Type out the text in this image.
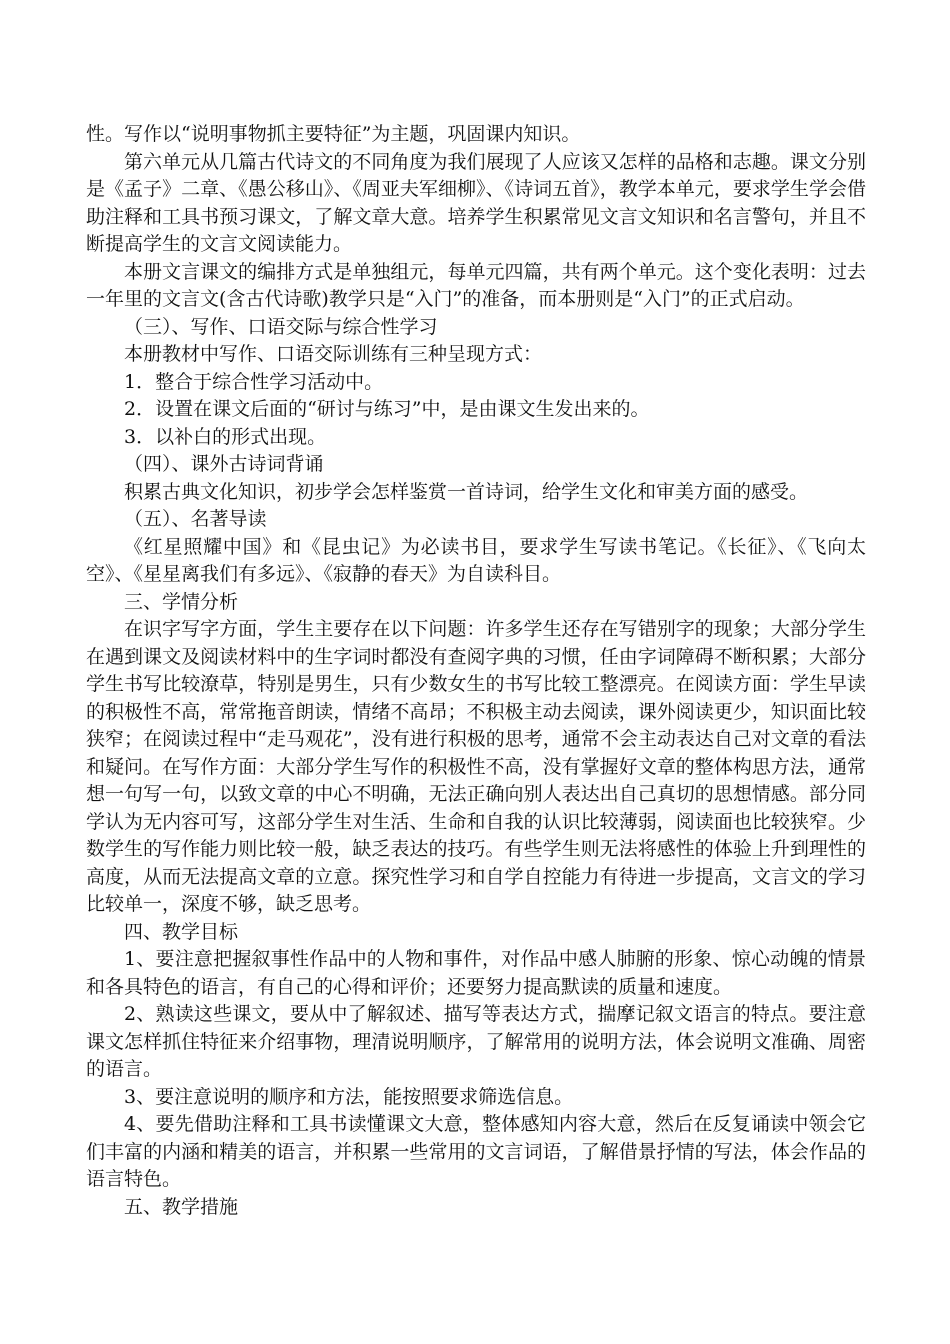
性。写作以“说明事物抓主要特征”为主题，巩固课内知识。

第六单元从几篇古代诗文的不同角度为我们展现了人应该又怎样的品格和志趣。课文分别是《孟子》二章、《愚公移山》、《周亚夫军细柳》、《诗词五首》，教学本单元，要求学生学会借助注释和工具书预习课文，了解文章大意。培养学生积累常见文言文知识和名言警句，并且不断提高学生的文言文阅读能力。

本册文言课文的编排方式是单独组元，每单元四篇，共有两个单元。这个变化表明：过去一年里的文言文(含古代诗歌)教学只是“入门”的准备，而本册则是“入门”的正式启动。

（三）、写作、口语交际与综合性学习

本册教材中写作、口语交际训练有三种呈现方式：

1．整合于综合性学习活动中。

2．设置在课文后面的“研讨与练习”中，是由课文生发出来的。

3．以补白的形式出现。

（四）、课外古诗词背诵

积累古典文化知识，初步学会怎样鉴赏一首诗词，给学生文化和审美方面的感受。

（五）、名著导读

《红星照耀中国》和《昆虫记》为必读书目，要求学生写读书笔记。《长征》、《飞向太空》、《星星离我们有多远》、《寂静的春天》为自读科目。

三、学情分析

在识字写字方面，学生主要存在以下问题：许多学生还存在写错别字的现象；大部分学生在遇到课文及阅读材料中的生字词时都没有查阅字典的习惯，任由字词障碍不断积累；大部分学生书写比较潦草，特别是男生，只有少数女生的书写比较工整漂亮。在阅读方面：学生早读的积极性不高，常常拖音朗读，情绪不高昂；不积极主动去阅读，课外阅读更少，知识面比较狭窄；在阅读过程中“走马观花”，没有进行积极的思考，通常不会主动表达自己对文章的看法和疑问。在写作方面：大部分学生写作的积极性不高，没有掌握好文章的整体构思方法，通常想一句写一句，以致文章的中心不明确，无法正确向别人表达出自己真切的思想情感。部分同学认为无内容可写，这部分学生对生活、生命和自我的认识比较薄弱，阅读面也比较狭窄。少数学生的写作能力则比较一般，缺乏表达的技巧。有些学生则无法将感性的体验上升到理性的高度，从而无法提高文章的立意。探究性学习和自学自控能力有待进一步提高，文言文的学习比较单一，深度不够，缺乏思考。

四、教学目标

1、要注意把握叙事性作品中的人物和事件，对作品中感人肺腑的形象、惊心动魄的情景和各具特色的语言，有自己的心得和评价；还要努力提高默读的质量和速度。

2、熟读这些课文，要从中了解叙述、描写等表达方式，揣摩记叙文语言的特点。要注意课文怎样抓住特征来介绍事物，理清说明顺序，了解常用的说明方法，体会说明文准确、周密的语言。

3、要注意说明的顺序和方法，能按照要求筛选信息。

4、要先借助注释和工具书读懂课文大意，整体感知内容大意，然后在反复诵读中领会它们丰富的内涵和精美的语言，并积累一些常用的文言词语，了解借景抒情的写法，体会作品的语言特色。

五、教学措施
